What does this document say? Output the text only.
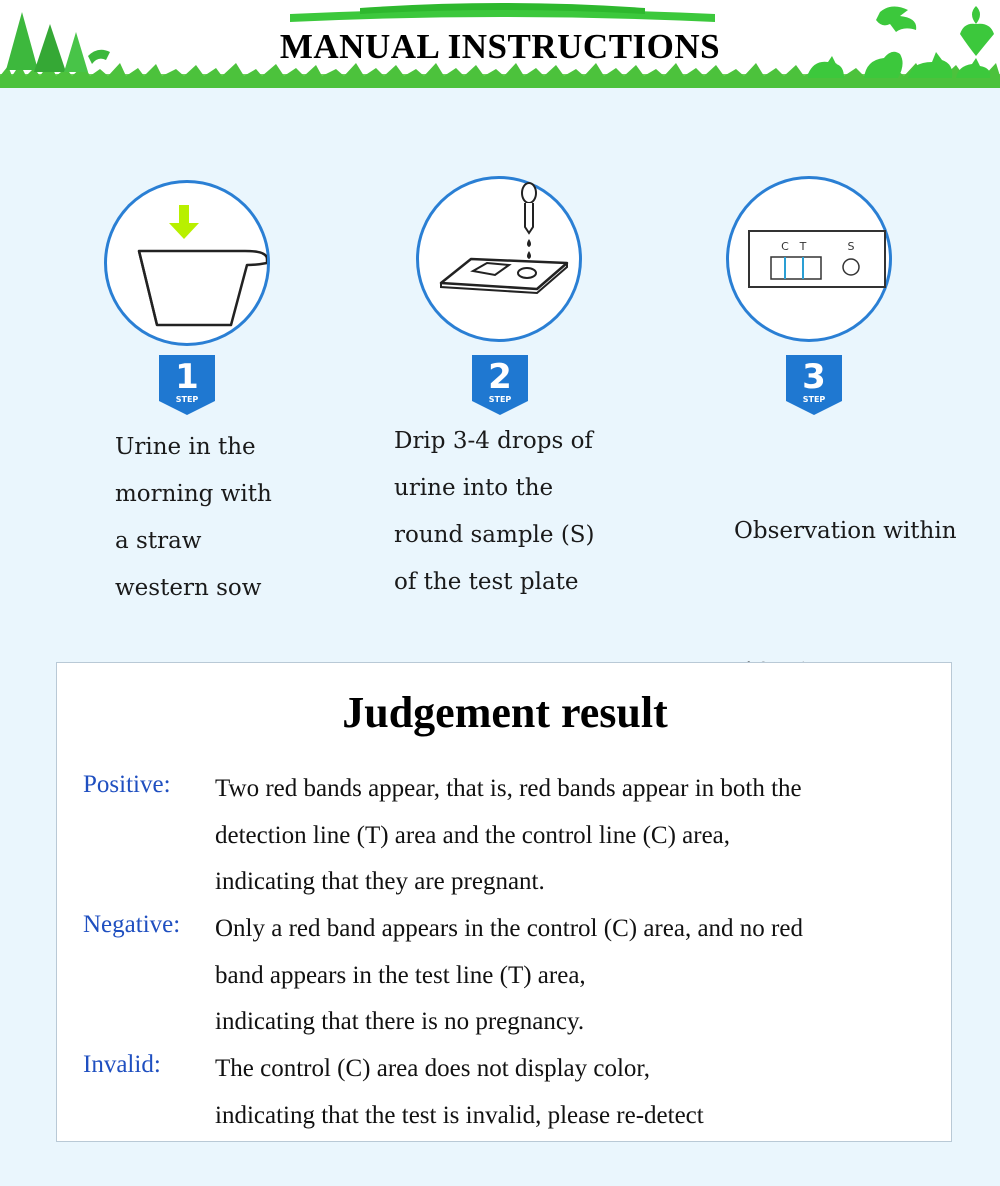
MANUAL INSTRUCTIONS
1
STEP
Urine in the
morning with
a straw
western sow
2
STEP
Drip 3-4 drops of
urine into the
round sample (S)
of the test plate
C T	S
3
STEP

Observation within

Judgement result
Positive: Two red bands appear, that is, red bands appear in both the
detection line (T) area and the control line (C) area,
indicating that they are pregnant.
Negative: Only a red band appears in the control (C) area, and no red
band appears in the test line (T) area,
indicating that there is no pregnancy.
Invalid: The control (C) area does not display color,
indicating that the test is invalid, please re-detect
